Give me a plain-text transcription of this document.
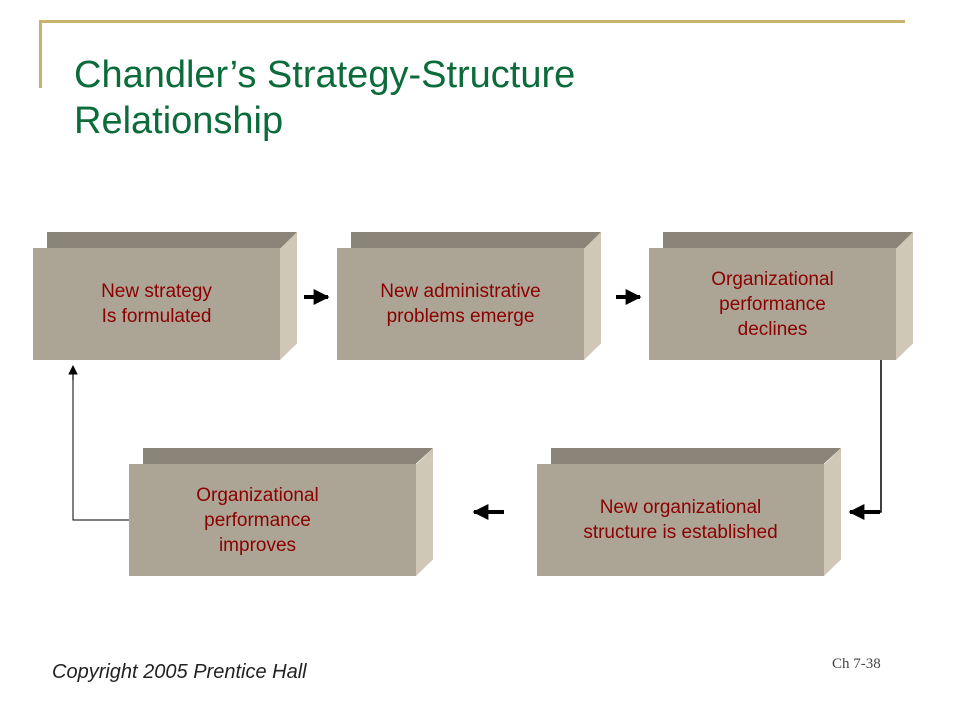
Chandler’s Strategy-Structure
Relationship
New strategy
Is formulated
New administrative
problems emerge
Organizational
performance
declines
New organizational
structure is established
Organizational
performance
improves
Copyright 2005 Prentice Hall	Ch 7-38
